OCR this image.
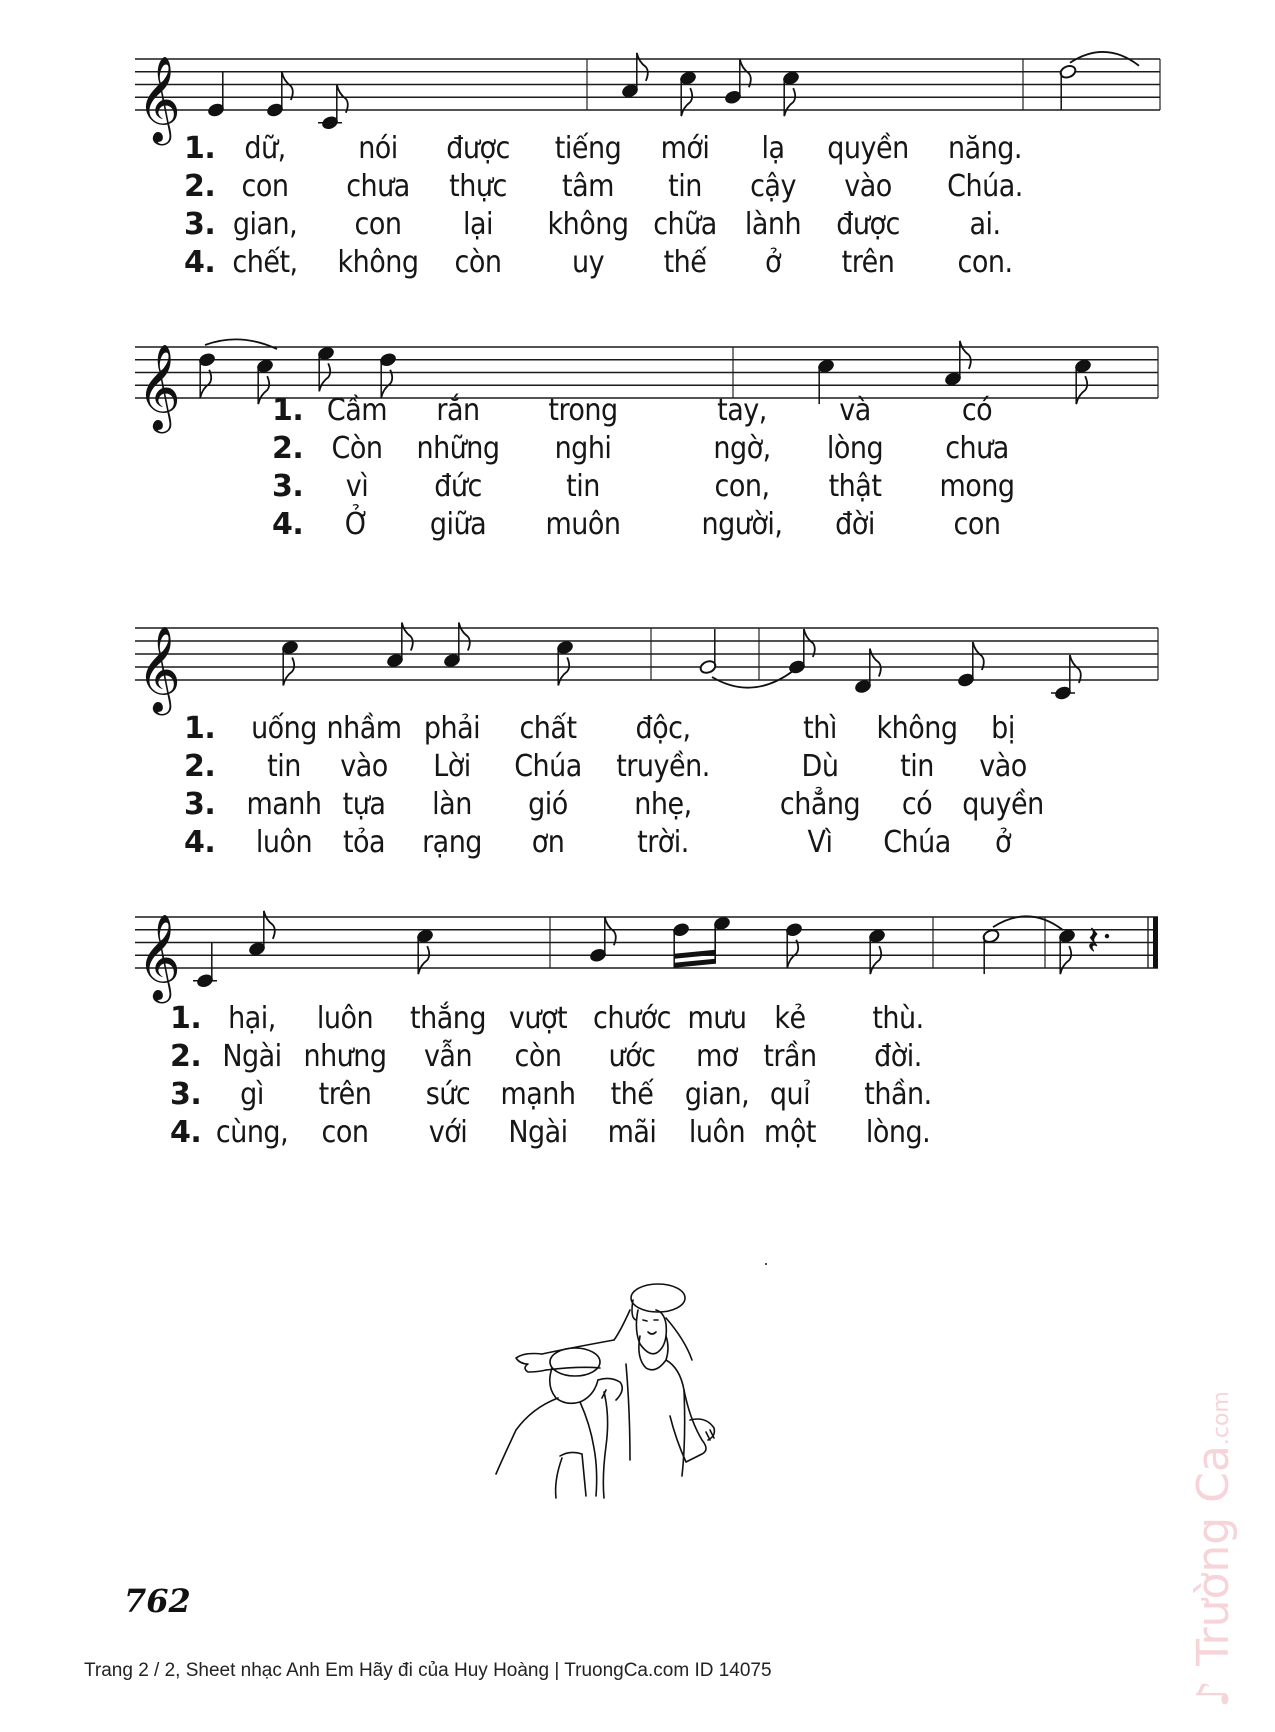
𝄞
𝄞
𝄞
𝄞	𝄽
1. dữ, nói được tiếng mới lạ quyền năng.
2. con chưa thực tâm tin cậy vào Chúa.
3. gian, con lại không chữa lành được ai.
4. chết, không còn uy thế ở trên con.
1. Cầm rắn trong	tay, và	có
2. Còn những nghi	ngờ, lòng chưa
3. vì đức	tin	con, thật mong
4. Ở giữa muôn	người, đời	con
1. uống nhầm phải chất độc,	thì không bị
2. tin vào Lời Chúa truyền.	Dù tin vào
3. manh tựa làn gió nhẹ,	chẳng có quyền
4. luôn tỏa rạng ơn trời.	Vì Chúa ở
1. hại, luôn thắng vượt chước mưu kẻ thù.
2. Ngài nhưng vẫn còn ước mơ trần đời.
3. gì trên sức mạnh thế gian, quỉ thần.
4. cùng, con với Ngài mãi luôn một lòng.
762
Trang 2 / 2, Sheet nhạc Anh Em Hãy đi của Huy Hoàng | TruongCa.com ID 14075	♪ Trường Ca.com
